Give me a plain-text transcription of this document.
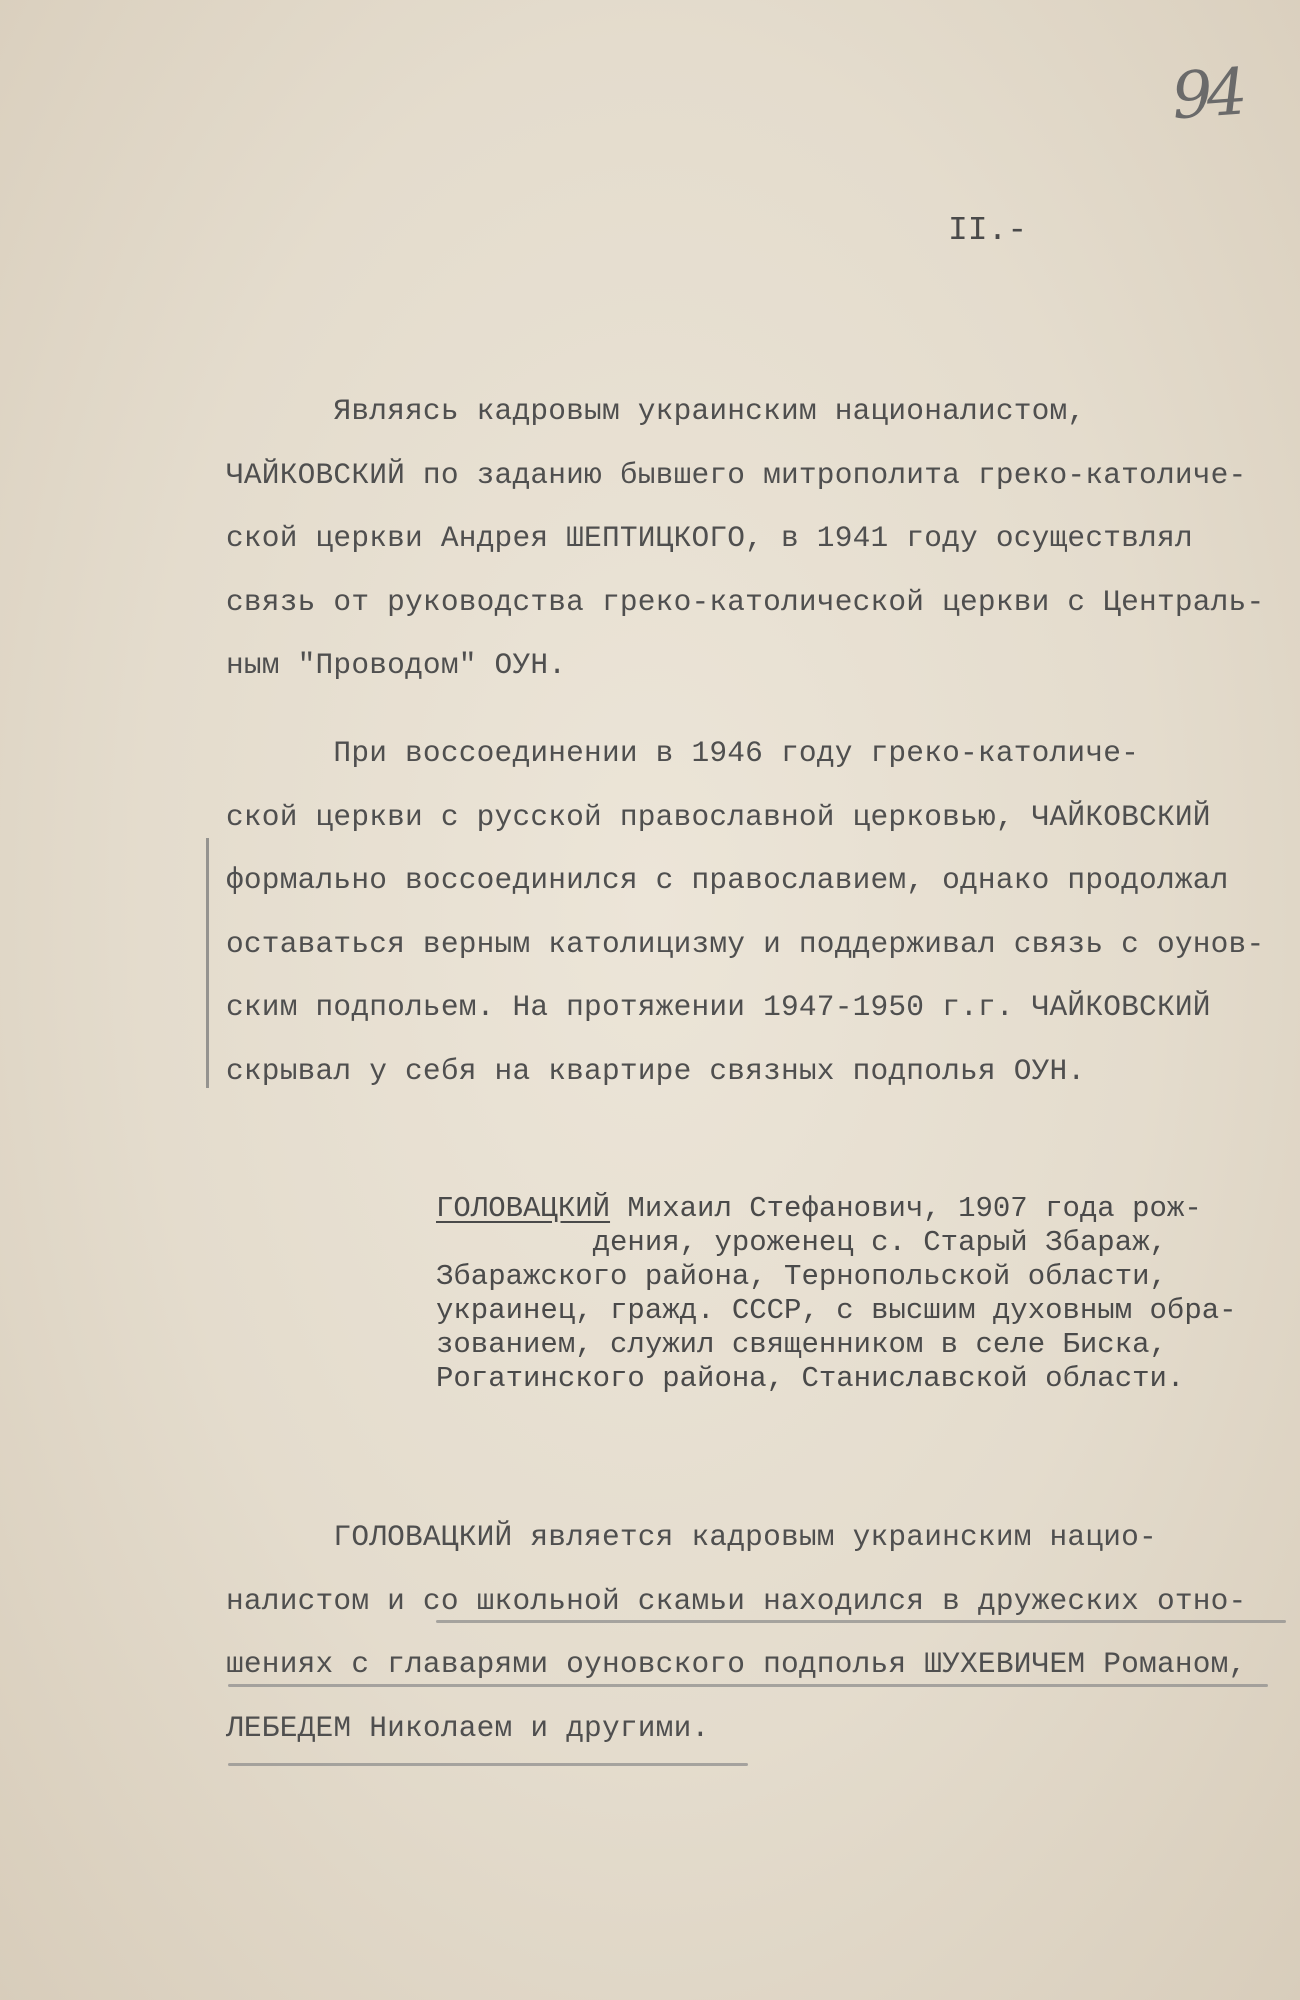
94
II.-
Являясь кадровым украинским националистом,
ЧАЙКОВСКИЙ по заданию бывшего митрополита греко-католиче-
ской церкви Андрея ШЕПТИЦКОГО, в 1941 году осуществлял
связь от руководства греко-католической церкви с Централь-
ным "Проводом" ОУН.
При воссоединении в 1946 году греко-католиче-
ской церкви с русской православной церковью, ЧАЙКОВСКИЙ
формально воссоединился с православием, однако продолжал
оставаться верным католицизму и поддерживал связь с оунов-
ским подпольем. На протяжении 1947-1950 г.г. ЧАЙКОВСКИЙ
скрывал у себя на квартире связных подполья ОУН.
ГОЛОВАЦКИЙ Михаил Стефанович, 1907 года рож-
дения, уроженец с. Старый Збараж,
Збаражского района, Тернопольской области,
украинец, гражд. СССР, с высшим духовным обра-
зованием, служил священником в селе Биска,
Рогатинского района, Станиславской области.
ГОЛОВАЦКИЙ является кадровым украинским нацио-
налистом и со школьной скамьи находился в дружеских отно-
шениях с главарями оуновского подполья ШУХЕВИЧЕМ Романом,
ЛЕБЕДЕМ Николаем и другими.
